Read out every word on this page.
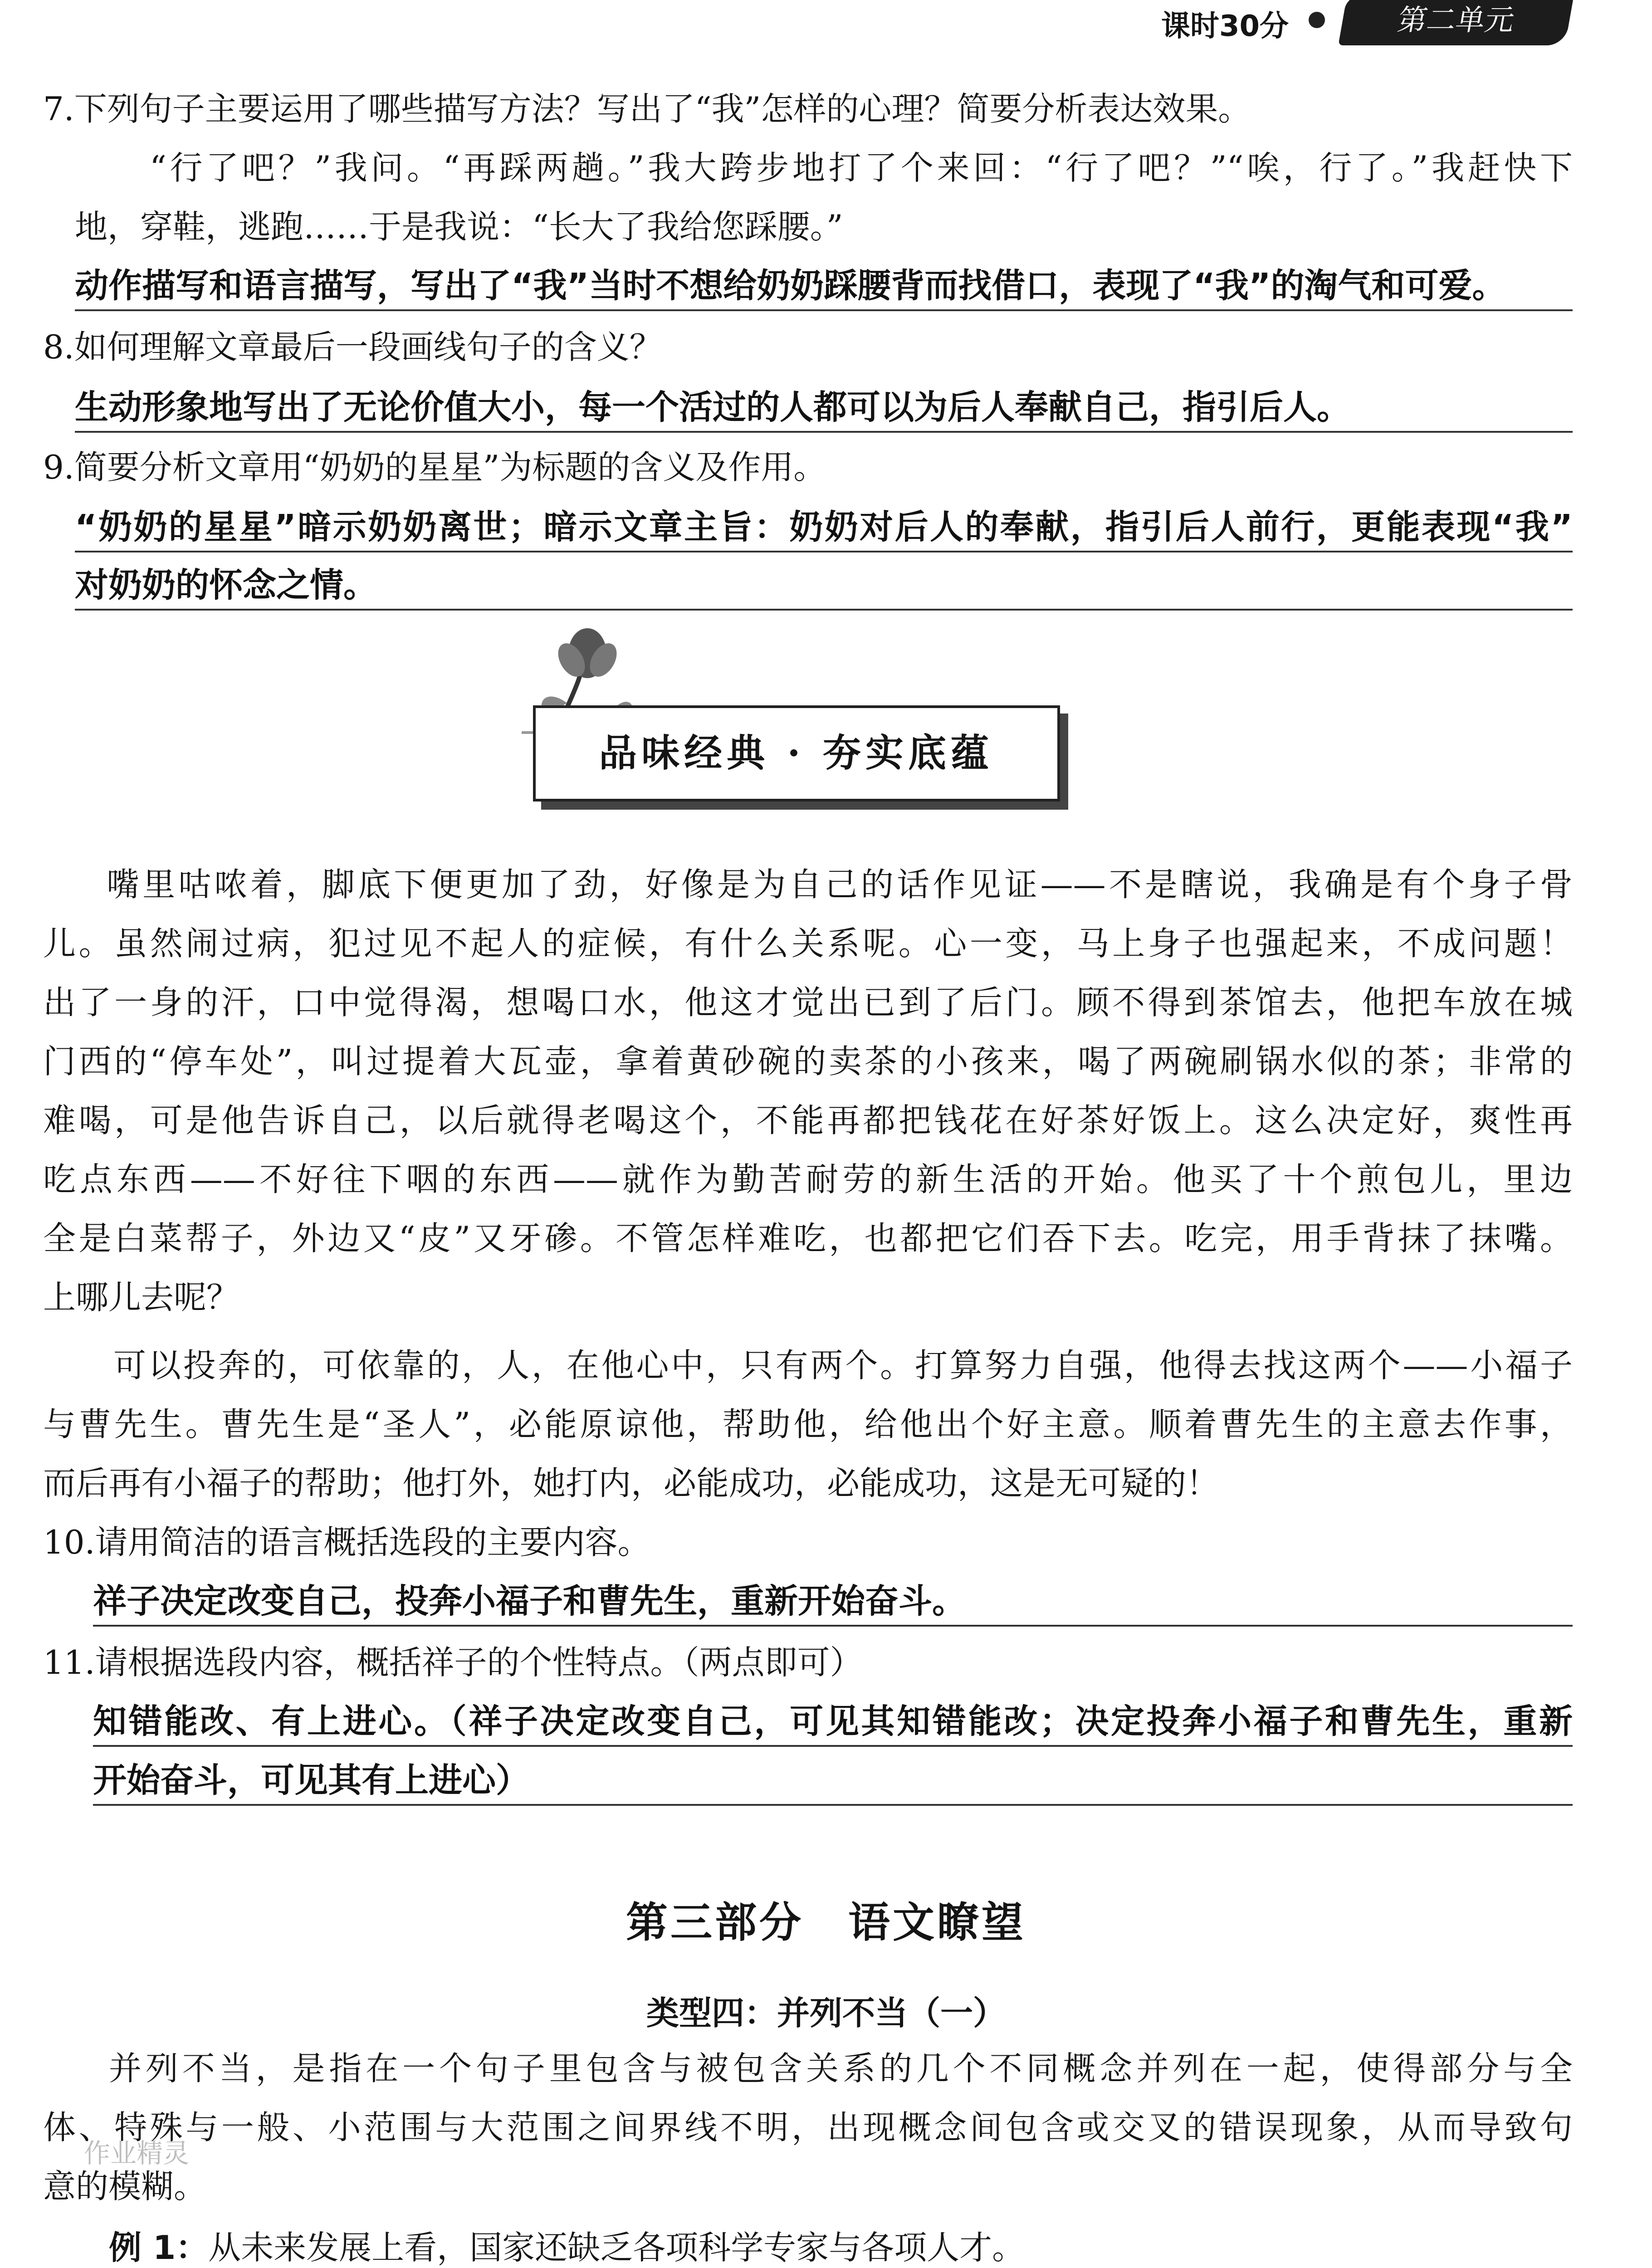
课时30分	第二单元
7.下列句子主要运用了哪些描写方法？写出了“我”怎样的心理？简要分析表达效果。
“行了吧？”我问。“再踩两趟。”我大跨步地打了个来回：“行了吧？”“唉，行了。”我赶快下
地，穿鞋，逃跑……于是我说：“长大了我给您踩腰。”
动作描写和语言描写，写出了“我”当时不想给奶奶踩腰背而找借口，表现了“我”的淘气和可爱。
8.如何理解文章最后一段画线句子的含义？
生动形象地写出了无论价值大小，每一个活过的人都可以为后人奉献自己，指引后人。
9.简要分析文章用“奶奶的星星”为标题的含义及作用。
“奶奶的星星”暗示奶奶离世；暗示文章主旨：奶奶对后人的奉献，指引后人前行，更能表现“我”
对奶奶的怀念之情。
品味经典 · 夯实底蕴
嘴里咕哝着，脚底下便更加了劲，好像是为自己的话作见证——不是瞎说，我确是有个身子骨
儿。虽然闹过病，犯过见不起人的症候，有什么关系呢。心一变，马上身子也强起来，不成问题！
出了一身的汗，口中觉得渴，想喝口水，他这才觉出已到了后门。顾不得到茶馆去，他把车放在城
门西的“停车处”，叫过提着大瓦壶，拿着黄砂碗的卖茶的小孩来，喝了两碗刷锅水似的茶；非常的
难喝，可是他告诉自己，以后就得老喝这个，不能再都把钱花在好茶好饭上。这么决定好，爽性再
吃点东西——不好往下咽的东西——就作为勤苦耐劳的新生活的开始。他买了十个煎包儿，里边
全是白菜帮子，外边又“皮”又牙碜。不管怎样难吃，也都把它们吞下去。吃完，用手背抹了抹嘴。
上哪儿去呢？
可以投奔的，可依靠的，人，在他心中，只有两个。打算努力自强，他得去找这两个——小福子
与曹先生。曹先生是“圣人”，必能原谅他，帮助他，给他出个好主意。顺着曹先生的主意去作事，
而后再有小福子的帮助；他打外，她打内，必能成功，必能成功，这是无可疑的！
10.请用简洁的语言概括选段的主要内容。
祥子决定改变自己，投奔小福子和曹先生，重新开始奋斗。
11.请根据选段内容，概括祥子的个性特点。（两点即可）
知错能改、有上进心。（祥子决定改变自己，可见其知错能改；决定投奔小福子和曹先生，重新
开始奋斗，可见其有上进心）
第三部分　语文瞭望
类型四：并列不当（一）
并列不当，是指在一个句子里包含与被包含关系的几个不同概念并列在一起，使得部分与全
体、特殊与一般、小范围与大范围之间界线不明，出现概念间包含或交叉的错误现象，从而导致句
意的模糊。
例 1：从未来发展上看，国家还缺乏各项科学专家与各项人才。
作业精灵
